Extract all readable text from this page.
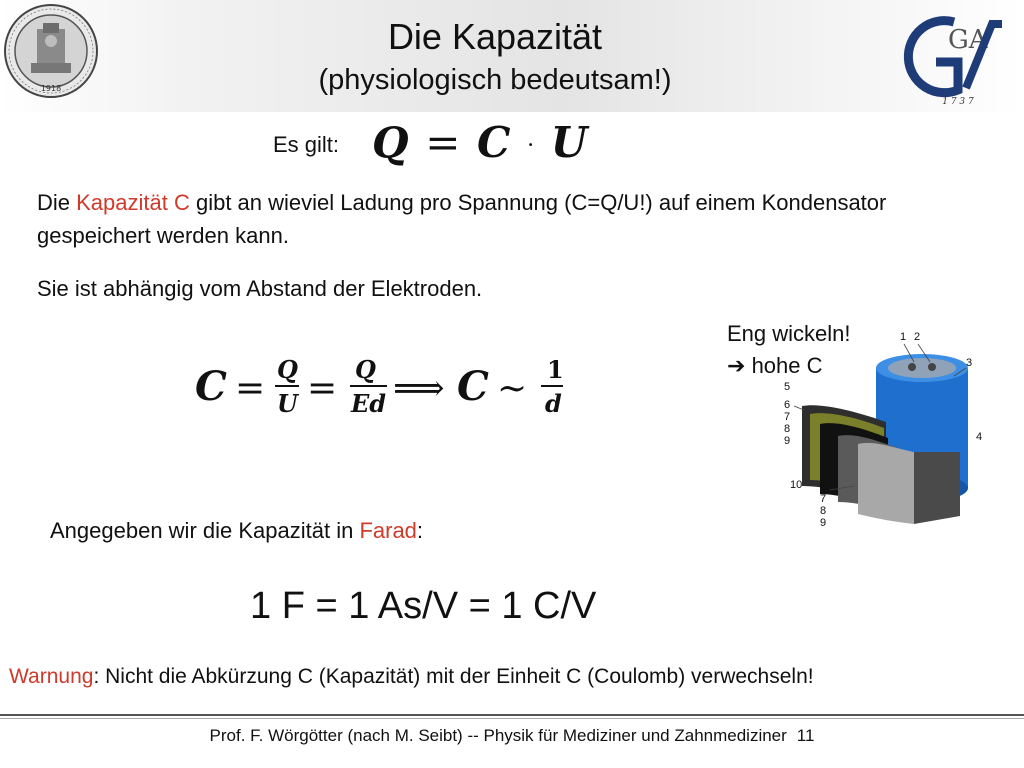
1918
Die Kapazität
(physiologisch bedeutsam!)
GA
1 7 3 7
Es gilt: Q = C · U
Die Kapazität C gibt an wieviel Ladung pro Spannung (C=Q/U!) auf einem Kondensator gespeichert werden kann.
Sie ist abhängig vom Abstand der Elektroden.
Eng wickeln!
➔ hohe C
C = Q
U = Q
Ed ⟹ C ∼ 1
d
1 2
3
5
6
7
8
9	4
10 6
7
8
9
Angegeben wir die Kapazität in Farad:
1 F = 1 As/V = 1 C/V
Warnung: Nicht die Abkürzung C (Kapazität) mit der Einheit C (Coulomb) verwechseln!
Prof. F. Wörgötter (nach M. Seibt) -- Physik für Mediziner und Zahnmediziner 11
